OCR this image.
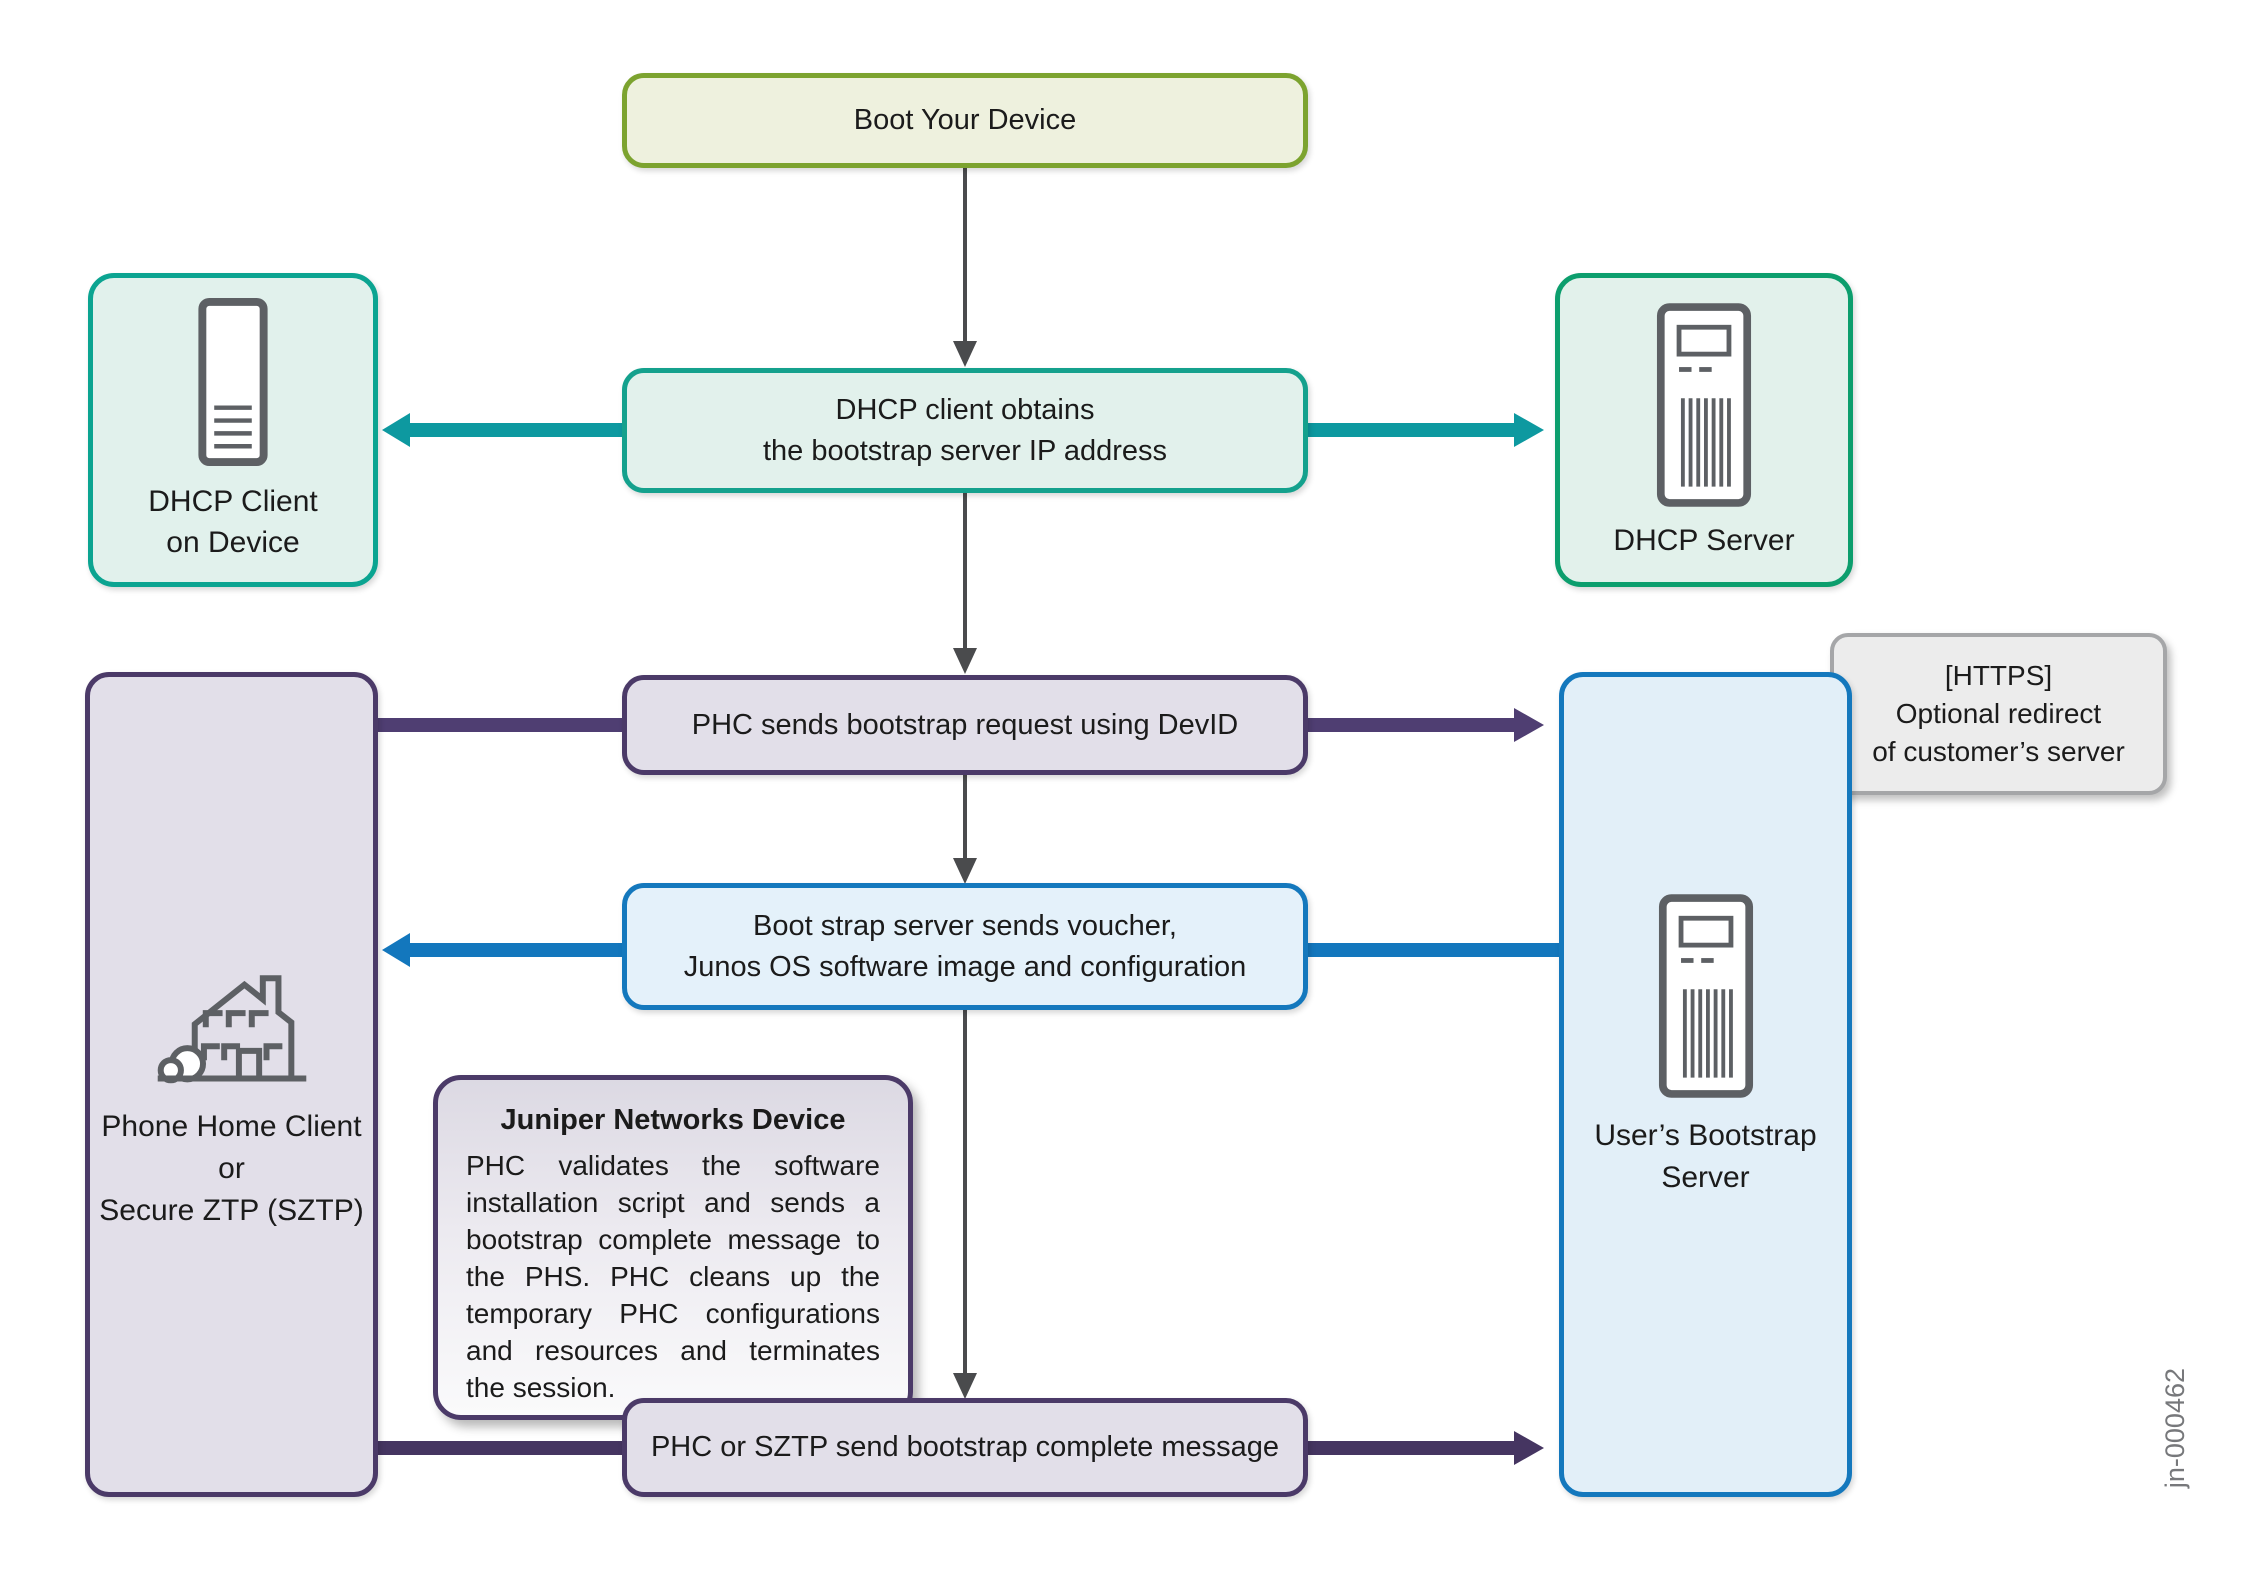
Boot Your Device
DHCP client obtains
the bootstrap server IP address
DHCP Client
on Device	DHCP Server
PHC sends bootstrap request using DevID
[HTTPS]
Optional redirect
of customer’s server
Boot strap server sends voucher,
Junos OS software image and configuration
Phone Home Client
or
Secure ZTP (SZTP)
Juniper Networks Device
PHC validates the software installation script and sends a bootstrap complete message to the PHS. PHC cleans up the temporary PHC configurations and resources and terminates the session.
PHC or SZTP send bootstrap complete message
User’s Bootstrap
Server
jn-000462
